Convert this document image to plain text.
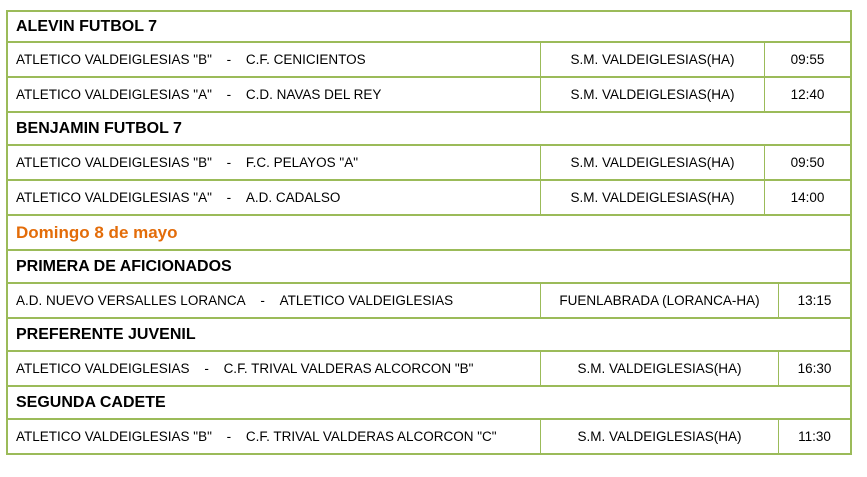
ALEVIN FUTBOL 7
ATLETICO VALDEIGLESIAS "B"	-	C.F. CENICIENTOS	S.M. VALDEIGLESIAS(HA)	09:55
ATLETICO VALDEIGLESIAS "A"	-	C.D. NAVAS DEL REY	S.M. VALDEIGLESIAS(HA)	12:40
BENJAMIN FUTBOL 7
ATLETICO VALDEIGLESIAS "B"	-	F.C. PELAYOS "A"	S.M. VALDEIGLESIAS(HA)	09:50
ATLETICO VALDEIGLESIAS "A"	-	A.D. CADALSO	S.M. VALDEIGLESIAS(HA)	14:00
Domingo 8 de mayo
PRIMERA DE AFICIONADOS
A.D. NUEVO VERSALLES LORANCA	-	ATLETICO VALDEIGLESIAS	FUENLABRADA (LORANCA-HA)	13:15
PREFERENTE JUVENIL
ATLETICO VALDEIGLESIAS	-	C.F. TRIVAL VALDERAS ALCORCON "B"	S.M. VALDEIGLESIAS(HA)	16:30
SEGUNDA CADETE
ATLETICO VALDEIGLESIAS "B"	-	C.F. TRIVAL VALDERAS ALCORCON "C"	S.M. VALDEIGLESIAS(HA)	11:30
